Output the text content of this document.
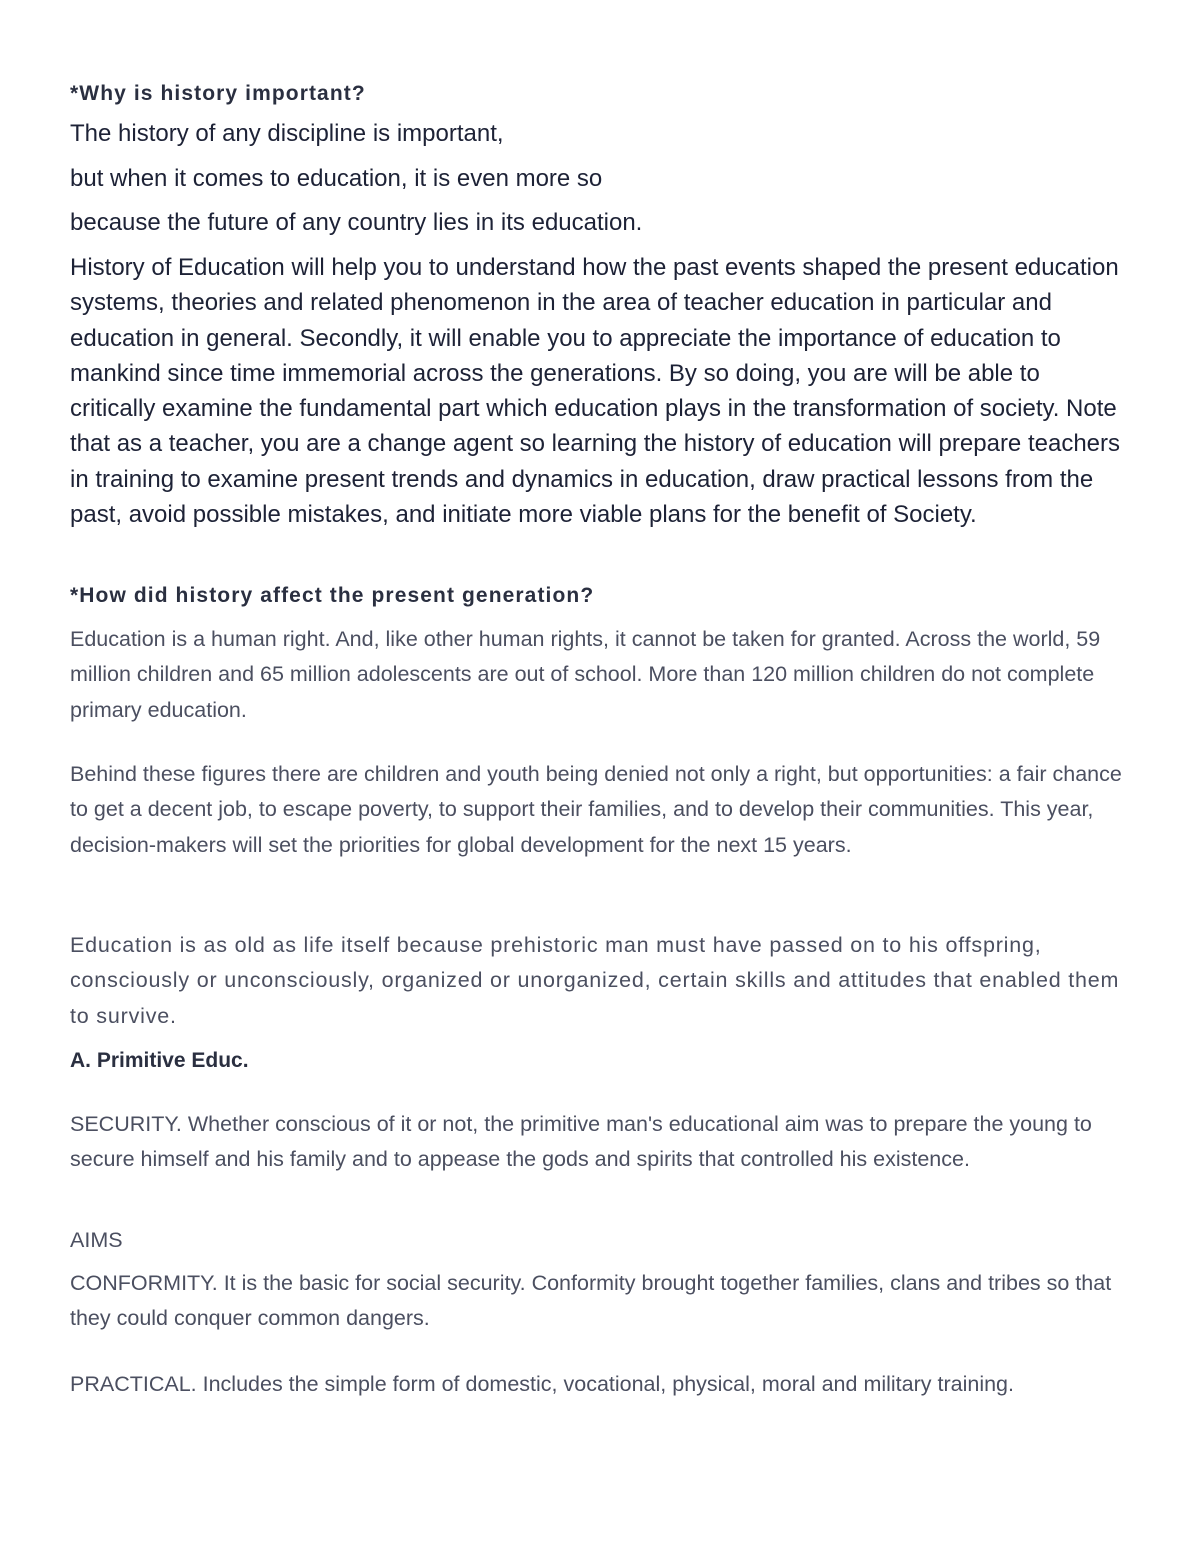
*Why is history important?

The history of any discipline is important,

but when it comes to education, it is even more so

because the future of any country lies in its education.

History of Education will help you to understand how the past events shaped the present education systems, theories and related phenomenon in the area of teacher education in particular and education in general. Secondly, it will enable you to appreciate the importance of education to mankind since time immemorial across the generations. By so doing, you are will be able to critically examine the fundamental part which education plays in the transformation of society. Note that as a teacher, you are a change agent so learning the history of education will prepare teachers in training to examine present trends and dynamics in education, draw practical lessons from the past, avoid possible mistakes, and initiate more viable plans for the benefit of Society.

*How did history affect the present generation?

Education is a human right. And, like other human rights, it cannot be taken for granted. Across the world, 59 million children and 65 million adolescents are out of school. More than 120 million children do not complete primary education.

Behind these figures there are children and youth being denied not only a right, but opportunities: a fair chance to get a decent job, to escape poverty, to support their families, and to develop their communities. This year, decision-makers will set the priorities for global development for the next 15 years.

Education is as old as life itself because prehistoric man must have passed on to his offspring, consciously or unconsciously, organized or unorganized, certain skills and attitudes that enabled them to survive.

A. Primitive Educ.

SECURITY. Whether conscious of it or not, the primitive man's educational aim was to prepare the young to secure himself and his family and to appease the gods and spirits that controlled his existence.

AIMS

CONFORMITY. It is the basic for social security. Conformity brought together families, clans and tribes so that they could conquer common dangers.

PRACTICAL. Includes the simple form of domestic, vocational, physical, moral and military training.
